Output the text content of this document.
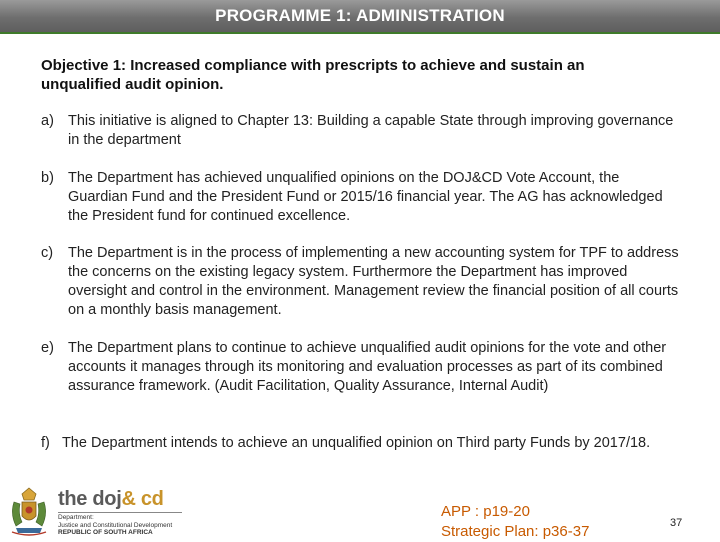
PROGRAMME 1: ADMINISTRATION
Objective 1: Increased compliance with prescripts to achieve and sustain an unqualified audit opinion.
a) This initiative is aligned to Chapter 13: Building a capable State through improving governance in the department
b) The Department has achieved unqualified opinions on the DOJ&CD Vote Account, the Guardian Fund and the President Fund or 2015/16 financial year. The AG has acknowledged the President fund for continued excellence.
c) The Department is in the process of implementing a new accounting system for TPF to address the concerns on the existing legacy system. Furthermore the Department has improved oversight and control in the environment. Management review the financial position of all courts on a monthly basis management.
e) The Department plans to continue to achieve unqualified audit opinions for the vote and other accounts it manages through its monitoring and evaluation processes as part of its combined assurance framework. (Audit Facilitation, Quality Assurance, Internal Audit)
f) The Department intends to achieve an unqualified opinion on Third party Funds by 2017/18.
the doj& cd
Department:
Justice and Constitutional Development
REPUBLIC OF SOUTH AFRICA
APP : p19-20
Strategic Plan: p36-37	37
